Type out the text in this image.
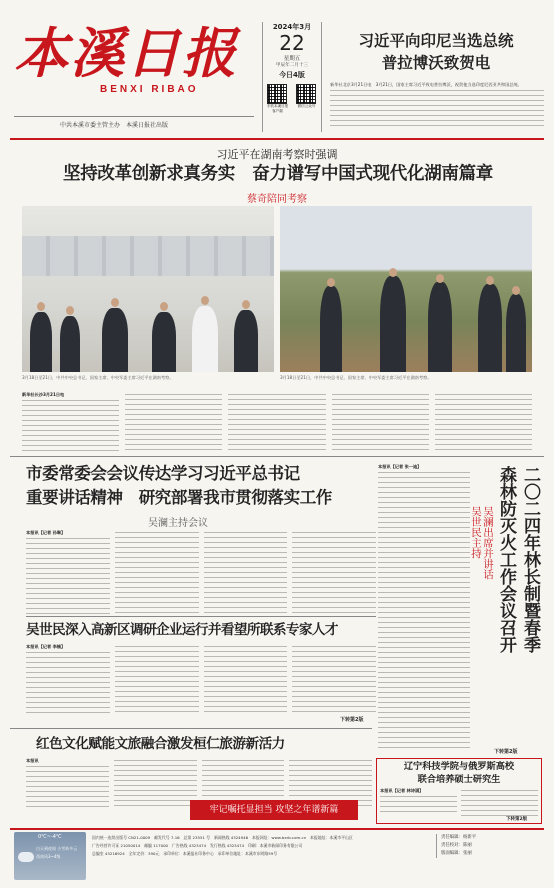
本溪日报
BENXI RIBAO
中共本溪市委主管主办　本溪日报社出版
2024年3月
22
星期五
甲辰年二月十三
今日4版
手机本溪日报客户端
微信公众号
习近平向印尼当选总统
普拉博沃致贺电
新华社北京3月21日电　3月21日，国家主席习近平致电普拉博沃，祝贺他当选印度尼西亚共和国总统。
习近平在湖南考察时强调
坚持改革创新求真务实　奋力谱写中国式现代化湖南篇章
蔡奇陪同考察
3月18日至21日，中共中央总书记、国家主席、中央军委主席习近平在湖南考察。	3月18日至21日，中共中央总书记、国家主席、中央军委主席习近平在湖南考察。
新华社长沙3月21日电
市委常委会会议传达学习习近平总书记
重要讲话精神　研究部署我市贯彻落实工作
吴澜主持会议
本报讯【记者 孙琳】
本报讯【记者 张一迪】	二〇二四年林长制暨春季
森林防灭火工作会议召开
吴澜出席并讲话
吴世民主持
下转第2版
吴世民深入高新区调研企业运行并看望所联系专家人才
本报讯【记者 李楠】
下转第2版
红色文化赋能文旅融合激发桓仁旅游新活力
本报讯
牢记嘱托显担当 攻坚之年谱新篇
辽宁科技学院与俄罗斯高校
联合培养硕士研究生
本报讯【记者 林诗涵】
下转第2版
0℃~-4℃
白天到夜间 小雪转多云
西南风3~4级
国内统一连续出版号 CN21-0009　邮发代号 7-16　总第 23551 号　新闻热线 4324946　本报网址：www.bxrb.com.cn　本报地址：本溪市平山区
广告经营许可证 21050014　邮编 117000　广告热线 4323474　发行热线 4323474　印刷：本溪市新闻印务有限公司
总编室 43216924　全年定价：390元　承印单位：本溪报社印务中心　承印单位地址：本溪市东明路59号
责任编辑：杨新平
责任校对：陈丽
版面编辑：张丽
